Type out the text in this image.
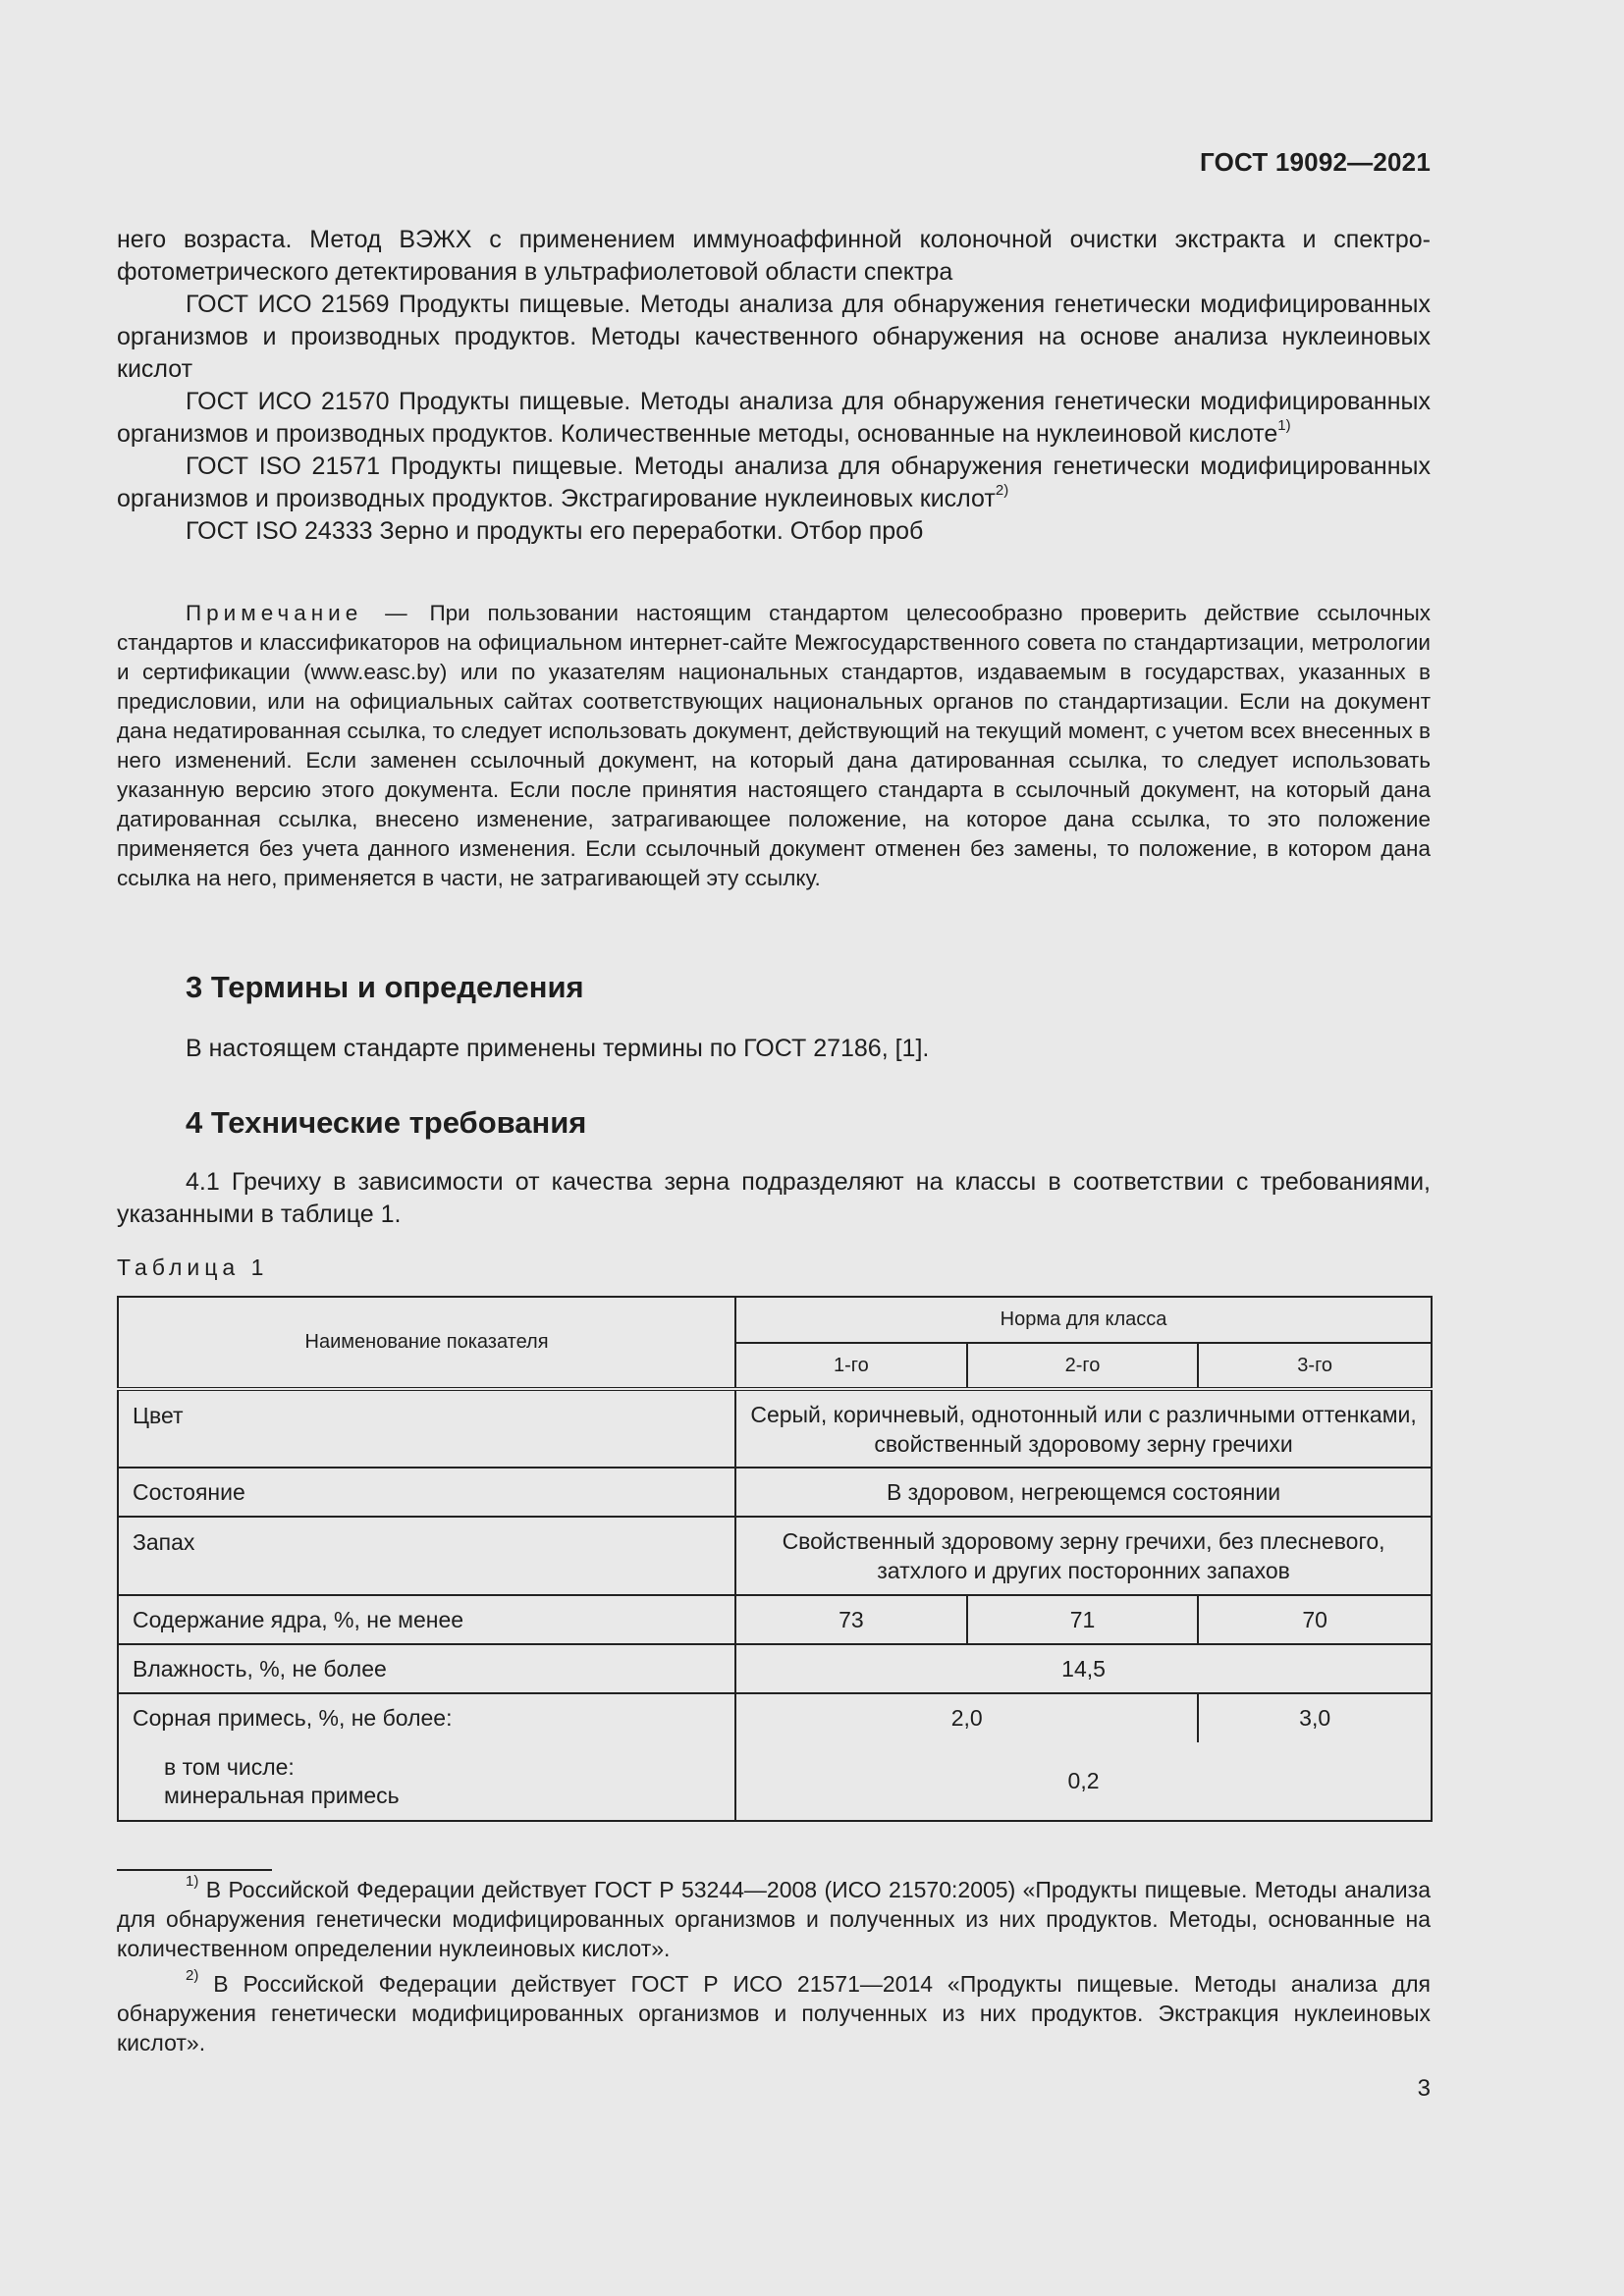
ГОСТ 19092—2021

него возраста. Метод ВЭЖХ с применением иммуноаффинной колоночной очистки экстракта и спектрофотометрического детектирования в ультрафиолетовой области спектра

ГОСТ ИСО 21569 Продукты пищевые. Методы анализа для обнаружения генетически модифицированных организмов и производных продуктов. Методы качественного обнаружения на основе анализа нуклеиновых кислот

ГОСТ ИСО 21570 Продукты пищевые. Методы анализа для обнаружения генетически модифицированных организмов и производных продуктов. Количественные методы, основанные на нуклеиновой кислоте$^{1)}$

ГОСТ ISO 21571 Продукты пищевые. Методы анализа для обнаружения генетически модифицированных организмов и производных продуктов. Экстрагирование нуклеиновых кислот$^{2)}$

ГОСТ ISO 24333 Зерно и продукты его переработки. Отбор проб

Примечание — При пользовании настоящим стандартом целесообразно проверить действие ссылочных стандартов и классификаторов на официальном интернет-сайте Межгосударственного совета по стандартизации, метрологии и сертификации (www.easc.by) или по указателям национальных стандартов, издаваемым в государствах, указанных в предисловии, или на официальных сайтах соответствующих национальных органов по стандартизации. Если на документ дана недатированная ссылка, то следует использовать документ, действующий на текущий момент, с учетом всех внесенных в него изменений. Если заменен ссылочный документ, на который дана датированная ссылка, то следует использовать указанную версию этого документа. Если после принятия настоящего стандарта в ссылочный документ, на который дана датированная ссылка, внесено изменение, затрагивающее положение, на которое дана ссылка, то это положение применяется без учета данного изменения. Если ссылочный документ отменен без замены, то положение, в котором дана ссылка на него, применяется в части, не затрагивающей эту ссылку.

3 Термины и определения

В настоящем стандарте применены термины по ГОСТ 27186, [1].

4 Технические требования

4.1 Гречиху в зависимости от качества зерна подразделяют на классы в соответствии с требованиями, указанными в таблице 1.

Таблица 1

Наименование показателя	Норма для класса		
	1-го	2-го	3-го
Цвет	Серый, коричневый, однотонный или с различными оттенками, свойственный здоровому зерну гречихи		
Состояние	В здоровом, негреющемся состоянии		
Запах	Свойственный здоровому зерну гречихи, без плесневого, затхлого и других посторонних запахов		
Содержание ядра, %, не менее	73	71	70
Влажность, %, не более	14,5		
Сорная примесь, %, не более:	2,0		3,0
в том числе:
минеральная примесь	0,2		

$^{1)}$ В Российской Федерации действует ГОСТ Р 53244—2008 (ИСО 21570:2005) «Продукты пищевые. Методы анализа для обнаружения генетически модифицированных организмов и полученных из них продуктов. Методы, основанные на количественном определении нуклеиновых кислот».

$^{2)}$ В Российской Федерации действует ГОСТ Р ИСО 21571—2014 «Продукты пищевые. Методы анализа для обнаружения генетически модифицированных организмов и полученных из них продуктов. Экстракция нуклеиновых кислот».

3
